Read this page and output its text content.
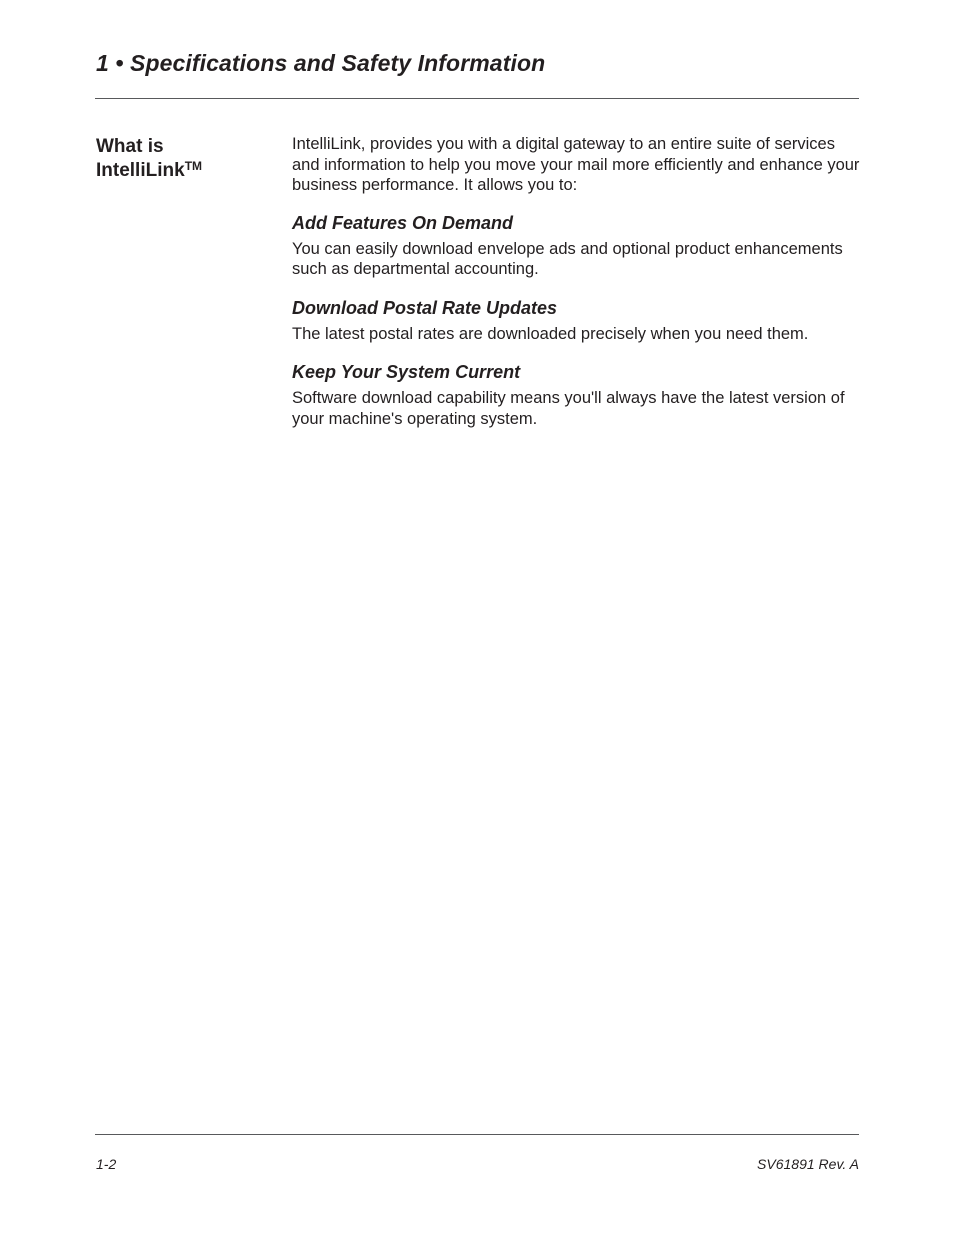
1 • Specifications and Safety Information
What is
IntelliLink™

IntelliLink, provides you with a digital gateway to an entire suite of services and information to help you move your mail more efficiently and enhance your business performance. It allows you to:

Add Features On Demand

You can easily download envelope ads and optional product enhancements such as departmental accounting.

Download Postal Rate Updates

The latest postal rates are downloaded precisely when you need them.

Keep Your System Current

Software download capability means you'll always have the latest version of your machine's operating system.

1-2	SV61891 Rev. A
